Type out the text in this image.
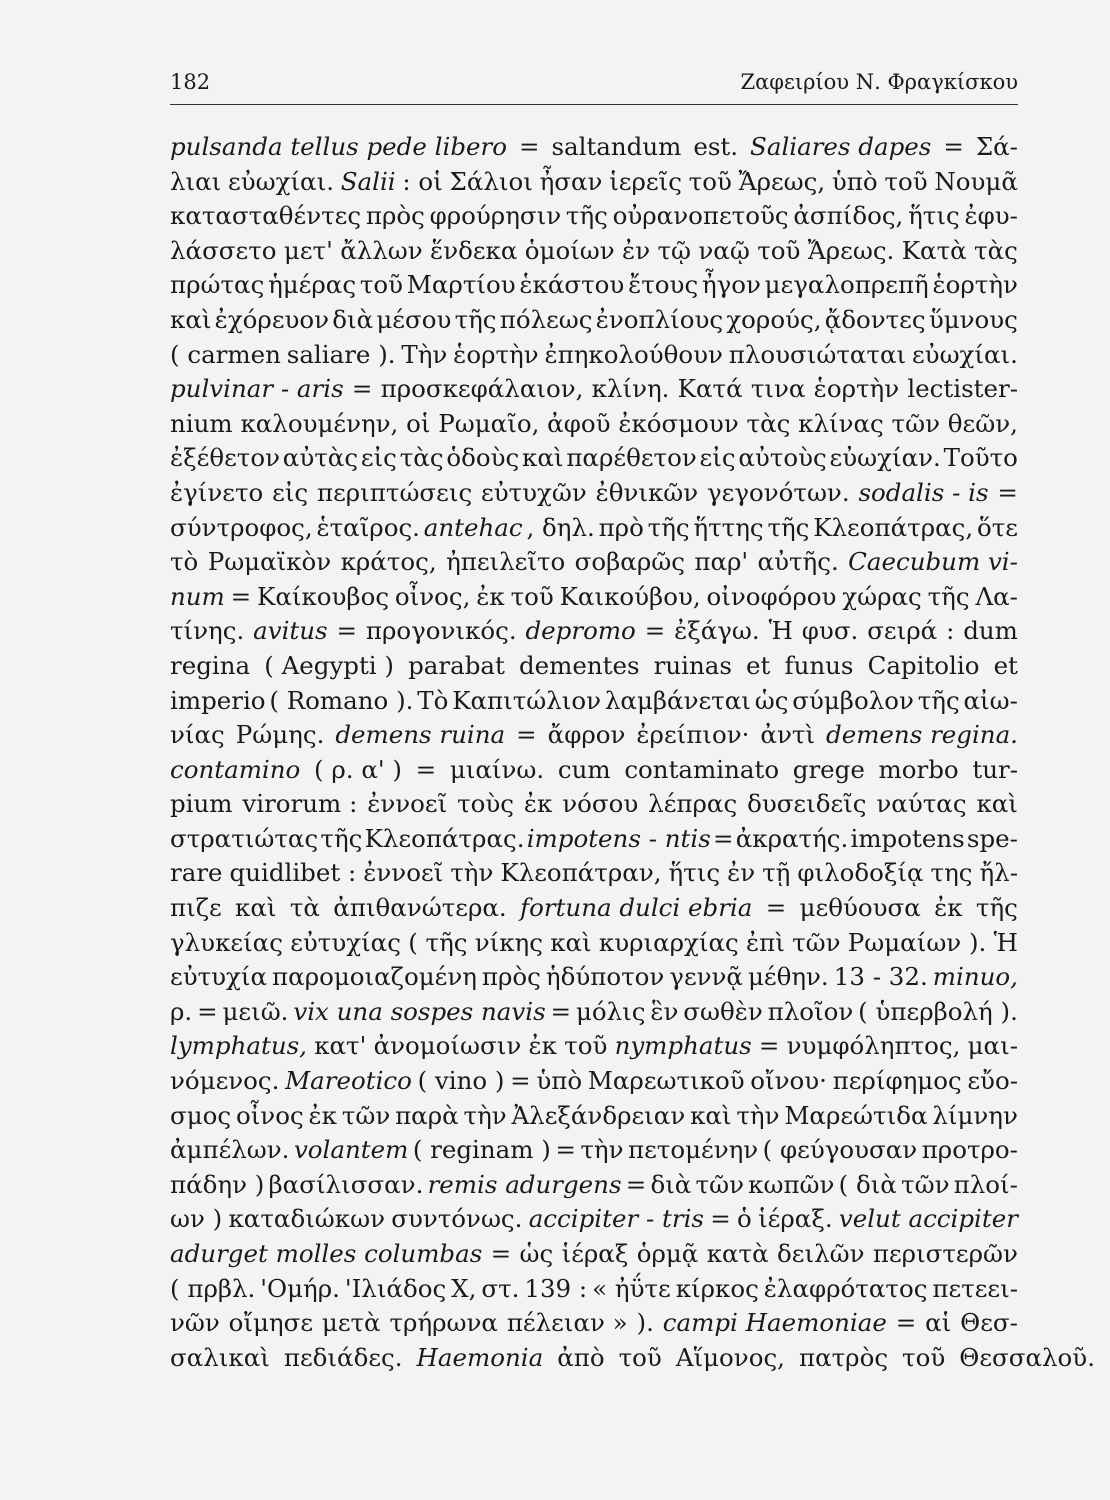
182	Ζαφειρίου Ν. Φραγκίσκου
pulsanda tellus pede libero = saltandum est. Saliares dapes = Σά-
λιαι εὐωχίαι. Salii : οἱ Σάλιοι ἦσαν ἱερεῖς τοῦ Ἄρεως, ὑπὸ τοῦ Νουμᾶ
κατασταθέντες πρὸς φρούρησιν τῆς οὐρανοπετοῦς ἀσπίδος, ἥτις ἐφυ-
λάσσετο μετ' ἄλλων ἕνδεκα ὁμοίων ἐν τῷ ναῷ τοῦ Ἄρεως. Κατὰ τὰς
πρώτας ἡμέρας τοῦ Μαρτίου ἑκάστου ἔτους ἦγον μεγαλοπρεπῆ ἑορτὴν
καὶ ἐχόρευον διὰ μέσου τῆς πόλεως ἐνοπλίους χορούς, ᾄδοντες ὕμνους
( carmen saliare ). Τὴν ἑορτὴν ἐπηκολούθουν πλουσιώταται εὐωχίαι.
pulvinar - aris = προσκεφάλαιον, κλίνη. Κατά τινα ἑορτὴν lectister-
nium καλουμένην, οἱ Ρωμαῖο, ἀφοῦ ἐκόσμουν τὰς κλίνας τῶν θεῶν,
ἐξέθετον αὐτὰς εἰς τὰς ὁδοὺς καὶ παρέθετον εἰς αὐτοὺς εὐωχίαν. Τοῦτο
ἐγίνετο εἰς περιπτώσεις εὐτυχῶν ἐθνικῶν γεγονότων. sodalis - is =
σύντροφος, ἑταῖρος. antehac , δηλ. πρὸ τῆς ἥττης τῆς Κλεοπάτρας, ὅτε
τὸ Ρωμαϊκὸν κράτος, ἠπειλεῖτο σοβαρῶς παρ' αὐτῆς. Caecubum vi-
num = Καίκουβος οἶνος, ἐκ τοῦ Καικούβου, οἰνοφόρου χώρας τῆς Λα-
τίνης. avitus = προγονικός. depromo = ἐξάγω. Ἡ φυσ. σειρά : dum
regina ( Aegypti ) parabat dementes ruinas et funus Capitolio et
imperio ( Romano ). Τὸ Καπιτώλιον λαμβάνεται ὡς σύμβολον τῆς αἰω-
νίας Ρώμης. demens ruina = ἄφρον ἐρείπιον· ἀντὶ demens regina.
contamino ( ρ. α' ) = μιαίνω. cum contaminato grege morbo tur-
pium virorum : ἐννοεῖ τοὺς ἐκ νόσου λέπρας δυσειδεῖς ναύτας καὶ
στρατιώτας τῆς Κλεοπάτρας. impotens - ntis = ἀκρατής. impotens spe-
rare quidlibet : ἐννοεῖ τὴν Κλεοπάτραν, ἥτις ἐν τῇ φιλοδοξίᾳ της ἤλ-
πιζε καὶ τὰ ἀπιθανώτερα. fortuna dulci ebria = μεθύουσα ἐκ τῆς
γλυκείας εὐτυχίας ( τῆς νίκης καὶ κυριαρχίας ἐπὶ τῶν Ρωμαίων ). Ἡ
εὐτυχία παρομοιαζομένη πρὸς ἡδύποτον γεννᾷ μέθην. 13 - 32. minuo,
ρ. = μειῶ. vix una sospes navis = μόλις ἓν σωθὲν πλοῖον ( ὑπερβολή ).
lymphatus, κατ' ἀνομοίωσιν ἐκ τοῦ nymphatus = νυμφόληπτος, μαι-
νόμενος. Mareotico ( vino ) = ὑπὸ Μαρεωτικοῦ οἴνου· περίφημος εὔο-
σμος οἶνος ἐκ τῶν παρὰ τὴν Ἀλεξάνδρειαν καὶ τὴν Μαρεώτιδα λίμνην
ἀμπέλων. volantem ( reginam ) = τὴν πετομένην ( φεύγουσαν προτρο-
πάδην ) βασίλισσαν. remis adurgens = διὰ τῶν κωπῶν ( διὰ τῶν πλοί-
ων ) καταδιώκων συντόνως. accipiter - tris = ὁ ἱέραξ. velut accipiter
adurget molles columbas = ὡς ἱέραξ ὁρμᾷ κατὰ δειλῶν περιστερῶν
( πρβλ. 'Ομήρ. 'Ιλιάδος Χ, στ. 139 : « ἠΰτε κίρκος ἐλαφρότατος πετεει-
νῶν οἴμησε μετὰ τρήρωνα πέλειαν » ). campi Haemoniae = αἱ Θεσ-
σαλικαὶ πεδιάδες. Haemonia ἀπὸ τοῦ Αἵμονος, πατρὸς τοῦ Θεσσαλοῦ.
